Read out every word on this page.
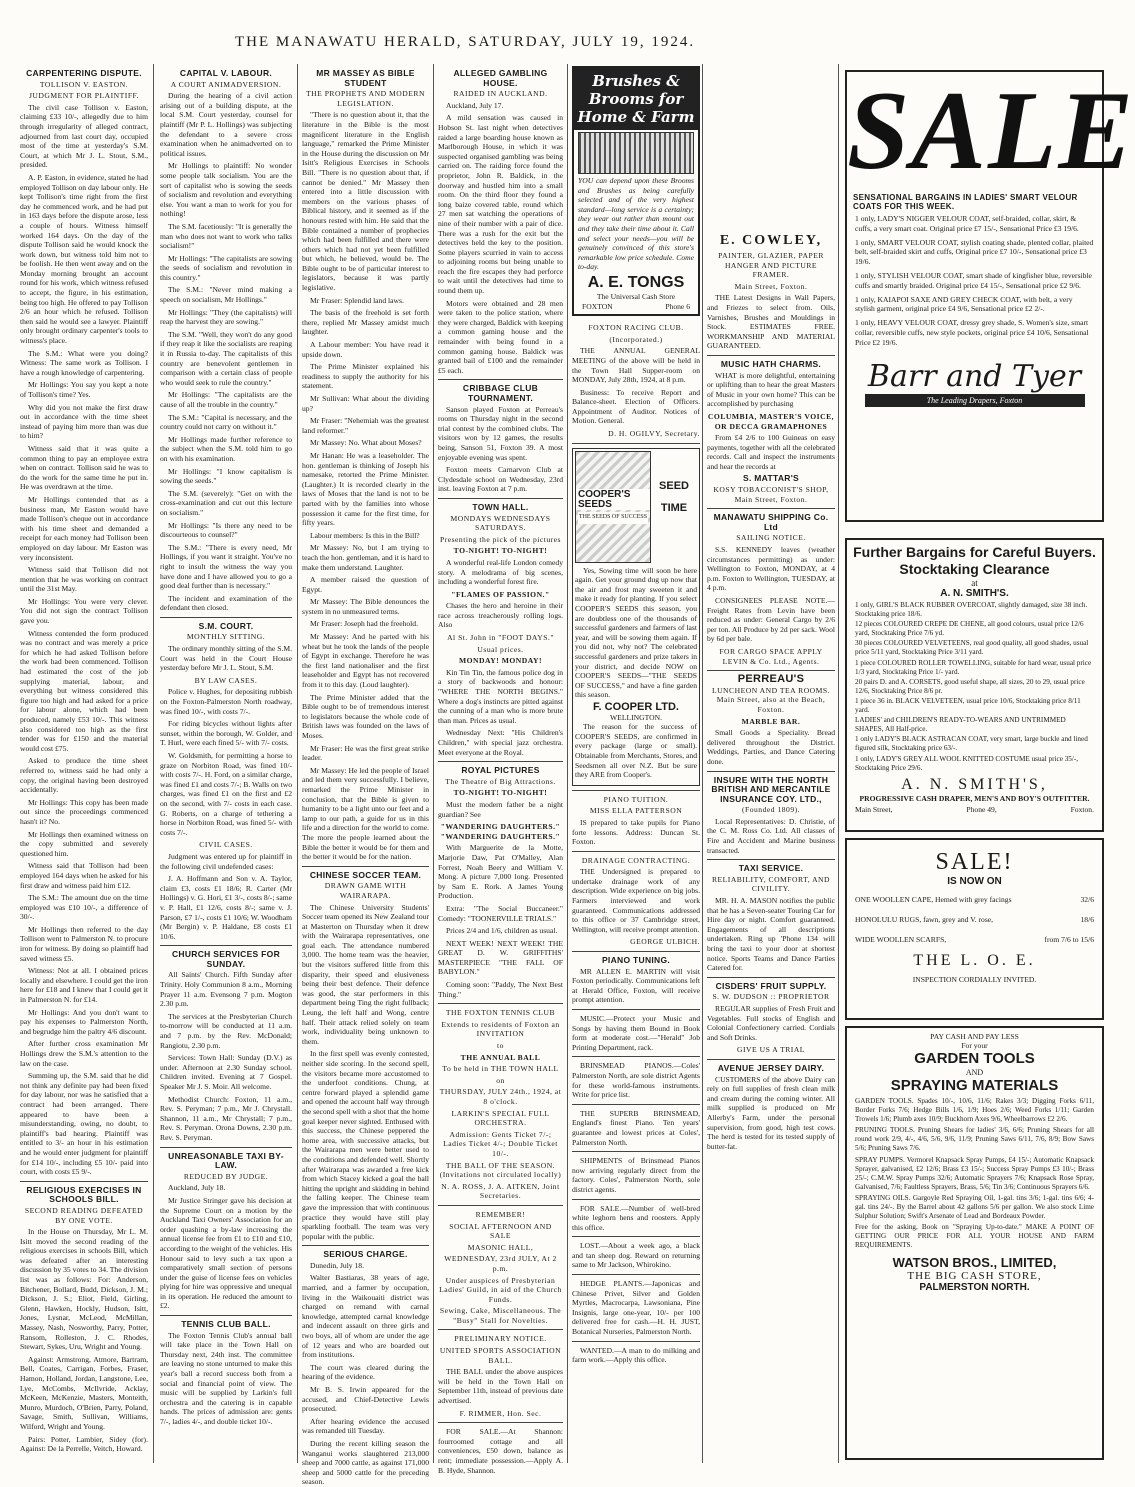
THE MANAWATU HERALD, SATURDAY, JULY 19, 1924.
CARPENTERING DISPUTE.
TOLLISON V. EASTON.
JUDGMENT FOR PLAINTIFF.

The civil case Tollison v. Easton, claiming £33 10/-, allegedly due to him through irregularity of alleged contract, adjourned from last court day, occupied most of the time at yesterday's S.M. Court, at which Mr J. L. Stout, S.M., presided.

A. P. Easton, in evidence, stated he had employed Tollison on day labour only. He kept Tollison's time right from the first day he commenced work, and he had put in 163 days before the dispute arose, less a couple of hours. Witness himself worked 164 days. On the day of the dispute Tollison said he would knock the work down, but witness told him not to be foolish. He then went away and on the Monday morning brought an account round for his work, which witness refused to accept, the figure, in his estimation, being too high. He offered to pay Tollison 2/6 an hour which he refused. Tollison then said he would see a lawyer. Plaintiff only brought ordinary carpenter's tools to witness's place.

The S.M.: What were you doing? Witness: The same work as Tollison. I have a rough knowledge of carpentering.

Mr Hollings: You say you kept a note of Tollison's time? Yes.

Why did you not make the first draw out in accordance with the time sheet instead of paying him more than was due to him?

Witness said that it was quite a common thing to pay an employee extra when on contract. Tollison said he was to do the work for the same time he put in. He was overdrawn at the time.

Mr Hollings contended that as a business man, Mr Easton would have made Tollison's cheque out in accordance with his time sheet and demanded a receipt for each money had Tollison been employed on day labour. Mr Easton was very inconsistent.

Witness said that Tollison did not mention that he was working on contract until the 31st May.

Mr Hollings: You were very clever. You did not sign the contract Tollison gave you.

Witness contended the form produced was no contract and was merely a price for which he had asked Tollison before the work had been commenced. Tollison had estimated the cost of the job supplying material, labour, and everything but witness considered this figure too high and had asked for a price for labour alone, which had been produced, namely £53 10/-. This witness also considered too high as the first tender was for £150 and the material would cost £75.

Asked to produce the time sheet referred to, witness said he had only a copy, the original having been destroyed accidentally.

Mr Hollings: This copy has been made out since the proceedings commenced hasn't it? No.

Mr Hollings then examined witness on the copy submitted and severely questioned him.

Witness said that Tollison had been employed 164 days when he asked for his first draw and witness paid him £12.

The S.M.: The amount due on the time employed was £10 10/-, a difference of 30/-.

Mr Hollings then referred to the day Tollison went to Palmerston N. to procure iron for witness. By doing so plaintiff had saved witness £5.

Witness: Not at all. I obtained prices locally and elsewhere. I could get the iron here for £18 and I knew that I could get it in Palmerston N. for £14.

Mr Hollings: And you don't want to pay his expenses to Palmerston North, and begrudge him the paltry 4/6 discount.

After further cross examination Mr Hollings drew the S.M.'s attention to the law on the case.

Summing up, the S.M. said that he did not think any definite pay had been fixed for day labour, nor was he satisfied that a contract had been arranged. There appeared to have been a misunderstanding, owing, no doubt, to plaintiff's bad hearing. Plaintiff was entitled to 3/- an hour in his estimation and he would enter judgment for plaintiff for £14 10/-, including £5 10/- paid into court, with costs £5 9/-.

RELIGIOUS EXERCISES IN SCHOOLS BILL.
SECOND READING DEFEATED BY ONE VOTE.

In the House on Thursday, Mr L. M. Isitt moved the second reading of the religious exercises in schools Bill, which was defeated after an interesting discussion by 35 votes to 34. The division list was as follows: For: Anderson, Bitchener, Bollard, Budd, Dickson, J. M.; Dickson, J. S.; Eliot, Field, Girling, Glenn, Hawken, Hockly, Hudson, Isitt, Jones, Lysnar, McLeod, McMillan, Massey, Nash, Nosworthy, Parry, Potter, Ransom, Rolleston, J. C. Rhodes, Stewart, Sykes, Uru, Wright and Young.

Against: Armstrong, Atmore, Bartram, Bell, Coates, Carrigan, Forbes, Fraser, Hamon, Holland, Jordan, Langstone, Lee, Lye, McCombs, McIlvride, Acklay, McKeen, McKenzie, Masters, Monteith, Munro, Murdoch, O'Brien, Parry, Poland, Savage, Smith, Sullivan, Williams, Wilford, Wright and Young.

Pairs: Potter, Lambier, Sidey (for). Against: De la Perrelle, Veitch, Howard.

CAPITAL V. LABOUR.
A COURT ANIMADVERSION.

During the hearing of a civil action arising out of a building dispute, at the local S.M. Court yesterday, counsel for plaintiff (Mr P. L. Hollings) was subjecting the defendant to a severe cross examination when he animadverted on to political issues.

Mr Hollings to plaintiff: No wonder some people talk socialism. You are the sort of capitalist who is sowing the seeds of socialism and revolution and everything else. You want a man to work for you for nothing!

The S.M. facetiously: "It is generally the man who does not want to work who talks socialism!"

Mr Hollings: "The capitalists are sowing the seeds of socialism and revolution in this country."

The S.M.: "Never mind making a speech on socialism, Mr Hollings."

Mr Hollings: "They (the capitalists) will reap the harvest they are sowing."

The S.M. "Well, they won't do any good if they reap it like the socialists are reaping it in Russia to-day. The capitalists of this country are benevolent gentlemen in comparison with a certain class of people who would seek to rule the country."

Mr Hollings: "The capitalists are the cause of all the trouble in the country."

The S.M.: "Capital is necessary, and the country could not carry on without it."

Mr Hollings made further reference to the subject when the S.M. told him to go on with his examination.

Mr Hollings: "I know capitalism is sowing the seeds."

The S.M. (severely): "Get on with the cross-examination and cut out this lecture on socialism."

Mr Hollings: "Is there any need to be discourteous to counsel?"

The S.M.: "There is every need, Mr Hollings, if you want it straight. You've no right to insult the witness the way you have done and I have allowed you to go a good deal further than is necessary."

The incident and examination of the defendant then closed.

S.M. COURT.
MONTHLY SITTING.

The ordinary monthly sitting of the S.M. Court was held in the Court House yesterday before Mr J. L. Stout, S.M.

BY LAW CASES.

Police v. Hughes, for depositing rubbish on the Foxton-Palmerston North roadway, was fined 10/-, with costs 7/-.

For riding bicycles without lights after sunset, within the borough, W. Golder, and T. Hurl, were each fined 5/- with 7/- costs.

W. Goldsmith, for permitting a horse to graze on Norbiton Road, was fined 10/- with costs 7/-. H. Ford, on a similar charge, was fined £1 and costs 7/-; B. Walls on two charges, was fined £1 on the first and £2 on the second, with 7/- costs in each case. G. Roberts, on a charge of tethering a horse in Norbiton Road, was fined 5/- with costs 7/-.

CIVIL CASES.

Judgment was entered up for plaintiff in the following civil undefended cases:

J. A. Hoffmann and Son v. A. Taylor, claim £3, costs £1 18/6; R. Carter (Mr Hollings) v. G. Hori, £1 3/-, costs 8/-; same v. P. Hall, £1 12/6, costs 8/-; same v. J. Parson, £7 1/-, costs £1 10/6; W. Woodham (Mr Bergin) v. P. Haldane, £8 costs £1 10/6.

CHURCH SERVICES FOR SUNDAY.

All Saints' Church. Fifth Sunday after Trinity. Holy Communion 8 a.m., Morning Prayer 11 a.m. Evensong 7 p.m. Mogton 2.30 p.m.

The services at the Presbyterian Church to-morrow will be conducted at 11 a.m. and 7 p.m. by the Rev. McDonald; Rangiotu, 2.30 p.m.

Services: Town Hall: Sunday (D.V.) as under. Afternoon at 2.30 Sunday school. Children invited. Evening at 7 Gospel. Speaker Mr J. S. Moir. All welcome.

Methodist Church: Foxton, 11 a.m., Rev. S. Peryman; 7 p.m., Mr J. Chrystall. Shannon, 11 a.m., Mr Chrystall; 7 p.m., Rev. S. Peryman. Orona Downs, 2.30 p.m. Rev. S. Peryman.

UNREASONABLE TAXI BY-LAW.
REDUCED BY JUDGE.

Auckland, July 18.

Mr Justice Stringer gave his decision at the Supreme Court on a motion by the Auckland Taxi Owners' Association for an order quashing a by-law increasing the annual license fee from £1 to £10 and £10, according to the weight of the vehicles. His Honour said to levy such a tax upon a comparatively small section of persons under the guise of license fees on vehicles plying for hire was oppressive and unequal in its operation. He reduced the amount to £2.

TENNIS CLUB BALL.

The Foxton Tennis Club's annual ball will take place in the Town Hall on Thursday next, 24th inst. The committee are leaving no stone unturned to make this year's ball a record success both from a social and financial point of view. The music will be supplied by Larkin's full orchestra and the catering is in capable hands. The prices of admission are: gents 7/-, ladies 4/-, and double ticket 10/-.

MR MASSEY AS BIBLE STUDENT
THE PROPHETS AND MODERN LEGISLATION.

"There is no question about it, that the literature in the Bible is the most magnificent literature in the English language," remarked the Prime Minister in the House during the discussion on Mr Isitt's Religious Exercises in Schools Bill. "There is no question about that, if cannot be denied." Mr Massey then entered into a little discussion with members on the various phases of Biblical history, and it seemed as if the honours rested with him. He said that the Bible contained a number of prophecies which had been fulfilled and there were others which had not yet been fulfilled but which, he believed, would be. The Bible ought to be of particular interest to legislators, because it was partly legislative.

Mr Fraser: Splendid land laws.

The basis of the freehold is set forth there, replied Mr Massey amidst much laughter.

A Labour member: You have read it upside down.

The Prime Minister explained his readiness to supply the authority for his statement.

Mr Sullivan: What about the dividing up?

Mr Fraser: "Nehemiah was the greatest land reformer."

Mr Massey: No. What about Moses?

Mr Hanan: He was a leaseholder. The hon. gentleman is thinking of Joseph his namesake, retorted the Prime Minister. (Laughter.) It is recorded clearly in the laws of Moses that the land is not to be parted with by the families into whose possession it came for the first time, for fifty years.

Labour members: Is this in the Bill?

Mr Massey: No, but I am trying to teach the hon. gentleman, and it is hard to make them understand. Laughter.

A member raised the question of Egypt.

Mr Massey: The Bible denounces the system in no unmeasured terms.

Mr Fraser: Joseph had the freehold.

Mr Massey: And he parted with his wheat but he took the lands of the people of Egypt in exchange. Therefore he was the first land nationaliser and the first leaseholder and Egypt has not recovered from it to this day. (Loud laughter).

The Prime Minister added that the Bible ought to be of tremendous interest to legislators because the whole code of British laws was founded on the laws of Moses.

Mr Fraser: He was the first great strike leader.

Mr Massey: He led the people of Israel and led them very successfully. I believe, remarked the Prime Minister in conclusion, that the Bible is given to humanity to be a light unto our feet and a lamp to our path, a guide for us in this life and a direction for the world to come. The more the people learned about the Bible the better it would be for them and the better it would be for the nation.

CHINESE SOCCER TEAM.
DRAWN GAME WITH WAIRARAPA.

The Chinese University Students' Soccer team opened its New Zealand tour at Masterton on Thursday when it drew with the Wairarapa representatives, one goal each. The attendance numbered 3,000. The home team was the heavier, but the visitors suffered little from this disparity, their speed and elusiveness being their best defence. Their defence was good, the star performers in this department being Ting the right fullback; Leung, the left half and Wong, centre half. Their attack relied solely on team work, individuality being unknown to them.

In the first spell was evenly contested, neither side scoring. In the second spell, the visitors became more accustomed to the underfoot conditions. Chung, at centre forward played a splendid game and opened the account half way through the second spell with a shot that the home goal keeper never sighted. Enthused with this success, the Chinese peppered the home area, with successive attacks, but the Wairarapa men were better used to the conditions and defended well. Shortly after Wairarapa was awarded a free kick from which Stacey kicked a goal the ball hitting the upright and skidding in behind the falling keeper. The Chinese team gave the impression that with continuous practice they would have still play sparkling football. The team was very popular with the public.

SERIOUS CHARGE.

Dunedin, July 18.

Walter Bastiaras, 38 years of age, married, and a farmer by occupation, living in the Waikouaiti district was charged on remand with carnal knowledge, attempted carnal knowledge and indecent assault on three girls and two boys, all of whom are under the age of 12 years and who are boarded out from institutions.

The court was cleared during the hearing of the evidence.

Mr B. S. Irwin appeared for the accused, and Chief-Detective Lewis prosecuted.

After hearing evidence the accused was remanded till Tuesday.

During the recent killing season the Wanganui works slaughtered 213,000 sheep and 7000 cattle, as against 171,000 sheep and 5000 cattle for the preceding season.

ALLEGED GAMBLING HOUSE.
RAIDED IN AUCKLAND.

Auckland, July 17.

A mild sensation was caused in Hobson St. last night when detectives raided a large boarding house known as Marlborough House, in which it was suspected organised gambling was being carried on. The raiding force found the proprietor, John R. Baldick, in the doorway and hustled him into a small room. On the third floor they found a long baize covered table, round which 27 men sat watching the operations of nine of their number with a pair of dice. There was a rush for the exit but the detectives held the key to the position. Some players scurried in vain to access to adjoining rooms but being unable to reach the fire escapes they had perforce to wait until the detectives had time to round them up.

Motors were obtained and 28 men were taken to the police station, where they were charged, Baldick with keeping a common gaming house and the remainder with being found in a common gaming house. Baldick was granted bail of £100 and the remainder £5 each.

CRIBBAGE CLUB TOURNAMENT.

Sanson played Foxton at Perreau's rooms on Thursday night in the second trial contest by the combined clubs. The visitors won by 12 games, the results being, Sanson 51, Foxton 39. A most enjoyable evening was spent.

Foxton meets Carnarvon Club at Clydesdale school on Wednesday, 23rd inst. leaving Foxton at 7 p.m.

TOWN HALL.
MONDAYS WEDNESDAYS SATURDAYS.
Presenting the pick of the pictures
TO-NIGHT! TO-NIGHT!

A wonderful real-life London comedy story. A melodrama of big scenes, including a wonderful forest fire.

"FLAMES OF PASSION."

Chases the hero and heroine in their race across treacherously rolling logs. Also

Al St. John in "FOOT DAYS."
Usual prices.
MONDAY! MONDAY!

Kin Tin Tin, the famous police dog in a story of backwoods and honour: "WHERE THE NORTH BEGINS." Where a dog's instincts are pitted against the cunning of a man who is more brute than man. Prices as usual.

Wednesday Next: "His Children's Children," with special jazz orchestra. Meet everyone at the Royal.

ROYAL PICTURES
The Theatre of Big Attractions.
TO-NIGHT! TO-NIGHT!

Must the modern father be a night guardian? See

"WANDERING DAUGHTERS." "WANDERING DAUGHTERS."

With Marguerite de la Motte, Marjorie Daw, Pat O'Malley, Alan Forrest, Noah Beery and William V. Mong. A picture 7,000 long. Presented by Sam E. Rork. A James Young Production.

Extra: "The Social Buccaneer." Comedy: "TOONERVILLE TRIALS."

Prices 2/4 and 1/6, children as usual.

NEXT WEEK! NEXT WEEK! THE GREAT D. W. GRIFFITHS' MASTERPIECE "THE FALL OF BABYLON."

Coming soon: "Paddy, The Next Best Thing."

THE FOXTON TENNIS CLUB
Extends to residents of Foxton an INVITATION
to
THE ANNUAL BALL
To be held in THE TOWN HALL
on
THURSDAY, JULY 24th., 1924, at 8 o'clock.
LARKIN'S SPECIAL FULL ORCHESTRA.
Admission: Gents Ticket 7/-; Ladies Ticket 4/-; Double Ticket 10/-.
THE BALL OF THE SEASON. (Invitations not circulated locally)
N. A. ROSS, J. A. AITKEN, Joint Secretaries.
REMEMBER!
SOCIAL AFTERNOON AND SALE
MASONIC HALL,
WEDNESDAY, 23rd JULY, At 2 p.m.
Under auspices of Presbyterian Ladies' Guild, in aid of the Church Funds.
Sewing, Cake, Miscellaneous. The "Busy" Stall for Novelties.
PRELIMINARY NOTICE.
UNITED SPORTS ASSOCIATION BALL.

THE BALL under the above auspices will be held in the Town Hall on September 11th, instead of previous date advertised.

F. RIMMER, Hon. Sec.

FOR SALE.—At Shannon: fourroomed cottage and all conveniences, £50 down, balance as rent; immediate possession.—Apply A. B. Hyde, Shannon.

Brushes & Brooms for Home & Farm

YOU can depend upon these Brooms and Brushes as being carefully selected and of the very highest standard—long service is a certainty; they wear out rather than mount out and they take their time about it. Call and select your needs—you will be genuinely convinced of this store's remarkable low price schedule. Come to-day.

A. E. TONGS
The Universal Cash Store
FOXTON	Phone 6
FOXTON RACING CLUB.
(Incorporated.)

THE ANNUAL GENERAL MEETING of the above will be held in the Town Hall Supper-room on MONDAY, July 28th, 1924, at 8 p.m.

Business: To receive Report and Balance-sheet. Election of Officers. Appointment of Auditor. Notices of Motion. General.

D. H. OGILVY, Secretary.
COOPER'S SEEDS
THE SEEDS OF SUCCESS
SEED TIME

Yes, Sowing time will soon be here again. Get your ground dug up now that the air and frost may sweeten it and make it ready for planting. If you select COOPER'S SEEDS this season, you are doubtless one of the thousands of successful gardeners and farmers of last year, and will be sowing them again. If you did not, why not? The celebrated successful gardeners and prize takers in your district, and decide NOW on COOPER'S SEEDS—"THE SEEDS OF SUCCESS," and have a fine garden this season.

F. COOPER LTD.
WELLINGTON.

The reason for the success of COOPER'S SEEDS, are confirmed in every package (large or small). Obtainable from Merchants, Stores, and Seedsmen all over N.Z. But be sure they ARE from Cooper's.

PIANO TUITION.
MISS ELLA PATTERSON

IS prepared to take pupils for Piano forte lessons. Address: Duncan St. Foxton.

DRAINAGE CONTRACTING.

THE Undersigned is prepared to undertake drainage work of any description. Wide experience on big jobs. Farmers interviewed and work guaranteed. Communications addressed to this office or 37 Cambridge street, Wellington, will receive prompt attention.

GEORGE ULBICH.
PIANO TUNING.

MR ALLEN E. MARTIN will visit Foxton periodically. Communications left at Herald Office, Foxton, will receive prompt attention.

MUSIC.—Protect your Music and Songs by having them Bound in Book form at moderate cost.—"Herald" Job Printing Department, rack.

BRINSMEAD PIANOS.—Coles' Palmerston North, are sole district Agents for these world-famous instruments. Write for price list.

THE SUPERB BRINSMEAD, England's finest Piano. Ten years' guarantee and lowest prices at Coles', Palmerston North.

SHIPMENTS of Brinsmead Pianos now arriving regularly direct from the factory. Coles', Palmerston North, sole district agents.

FOR SALE.—Number of well-bred white leghorn hens and roosters. Apply this office.

LOST.—About a week ago, a black and tan sheep dog. Reward on returning same to Mr Jackson, Whirokino.

HEDGE PLANTS.—Japonicas and Chinese Privet, Silver and Golden Myrtles, Macrocarpa, Lawsoniana, Pine Insignis, large one-year, 10/- per 100 delivered free for cash.—H. H. JUST, Botanical Nurseries, Palmerston North.

WANTED.—A man to do milking and farm work.—Apply this office.

E. COWLEY,
PAINTER, GLAZIER, PAPER HANGER AND PICTURE FRAMER.
Main Street, Foxton.

THE Latest Designs in Wall Papers, and Friezes to select from. Oils, Varnishes, Brushes and Mouldings in Stock. ESTIMATES FREE. WORKMANSHIP AND MATERIAL GUARANTEED.

MUSIC HATH CHARMS.

WHAT is more delightful, entertaining or uplifting than to hear the great Masters of Music in your own home? This can be accomplished by purchasing

COLUMBIA, MASTER'S VOICE, OR DECCA GRAMAPHONES

From £4 2/6 to 100 Guineas on easy payments, together with all the celebrated records. Call and inspect the instruments and hear the records at

S. MATTAR'S
KOSY TOBACCONIST'S SHOP, Main Street, Foxton.
MANAWATU SHIPPING Co. Ltd
SAILING NOTICE.

S.S. KENNEDY leaves (weather circumstances permitting) as under: Wellington to Foxton, MONDAY, at 4 p.m. Foxton to Wellington, TUESDAY, at 4 p.m.

CONSIGNEES PLEASE NOTE.—Freight Rates from Levin have been reduced as under: General Cargo by 2/6 per ton. All Produce by 2d per sack. Wool by 6d per bale.

FOR CARGO SPACE APPLY LEVIN & Co. Ltd., Agents.
PERREAU'S
LUNCHEON AND TEA ROOMS. Main Street, also at the Beach, Foxton.
MARBLE BAR.

Small Goods a Speciality. Bread delivered throughout the District. Weddings, Parties, and Dance Catering done.

INSURE WITH THE NORTH BRITISH AND MERCANTILE INSURANCE COY. LTD.,
(Founded 1809).

Local Representatives: D. Christie, of the C. M. Ross Co. Ltd. All classes of Fire and Accident and Marine business transacted.

TAXI SERVICE.
RELIABILITY, COMFORT, AND CIVILITY.

MR. H. A. MASON notifies the public that he has a Seven-seater Touring Car for Hire day or night. Comfort guaranteed. Engagements of all descriptions undertaken. Ring up 'Phone 134 will bring the taxi to your door at shortest notice. Sports Teams and Dance Parties Catered for.

CISDERS' FRUIT SUPPLY.
S. W. DUDSON :: PROPRIETOR

REGULAR supplies of Fresh Fruit and Vegetables. Full stocks of English and Colonial Confectionery carried. Cordials and Soft Drinks.

GIVE US A TRIAL
AVENUE JERSEY DAIRY.

CUSTOMERS of the above Dairy can rely on full supplies of fresh clean milk and cream during the coming winter. All milk supplied is produced on Mr Allerby's Farm, under the personal supervision, from good, high test cows. The herd is tested for its tested supply of butter-fat.

SALE
SENSATIONAL BARGAINS IN LADIES' SMART VELOUR COATS FOR THIS WEEK.

1 only, LADY'S NIGGER VELOUR COAT, self-braided, collar, skirt, & cuffs, a very smart coat. Original price £7 15/-, Sensational Price £3 19/6.

1 only, SMART VELOUR COAT, stylish coating shade, plented collar, plaited belt, self-braided skirt and cuffs, Original price £7 10/-, Sensational price £3 19/6.

1 only, STYLISH VELOUR COAT, smart shade of kingfisher blue, reversible cuffs and smartly braided. Original price £4 15/-, Sensational price £2 9/6.

1 only, KAIAPOI SAXE AND GREY CHECK COAT, with belt, a very stylish garment, original price £4 9/6, Sensational price £2 2/-.

1 only, HEAVY VELOUR COAT, dressy grey shade, S. Women's size, smart collar, reversible cuffs, new style pockets, original price £4 10/6, Sensational Price £2 19/6.

Barr and Tyer
The Leading Drapers, Foxton
Further Bargains for Careful Buyers. Stocktaking Clearance
at
A. N. SMITH'S.

1 only, GIRL'S BLACK RUBBER OVERCOAT, slightly damaged, size 38 inch. Stocktaking price 18/6.

12 pieces COLOURED CREPE DE CHENE, all good colours, usual price 12/6 yard, Stocktaking Price 7/6 yd.

30 pieces COLOURED VELVETEENS, real good quality, all good shades, usual price 5/11 yard, Stocktaking Price 3/11 yard.

1 piece COLOURED ROLLER TOWELLING, suitable for hard wear, usual price 1/3 yard, Stocktaking Price 1/- yard.

20 pairs D. and A. CORSETS, good useful shape, all sizes, 20 to 29, usual price 12/6, Stocktaking Price 8/6 pr.

1 piece 36 in. BLACK VELVETEEN, usual price 10/6, Stocktaking price 8/11 yard.

LADIES' and CHILDREN'S READY-TO-WEARS AND UNTRIMMED SHAPES, All Half-price.

1 only LADY'S BLACK ASTRACAN COAT, very smart, large buckle and lined figured silk, Stocktaking price 63/-.

1 only, LADY'S GREY ALL WOOL KNITTED COSTUME usual price 35/-, Stocktaking Price 29/6.

A. N. SMITH'S,
PROGRESSIVE CASH DRAPER, MEN'S AND BOY'S OUTFITTER.
Main Street,	Phone 49,	Foxton.
SALE!
IS NOW ON
ONE WOOLLEN CAPE, Hemed with grey facings	32/6
HONOLULU RUGS, fawn, grey and V. rose,	18/6
WIDE WOOLLEN SCARFS,	from 7/6 to 15/6
THE L. O. E.
INSPECTION CORDIALLY INVITED.
PAY CASH AND PAY LESS
For your
GARDEN TOOLS
AND
SPRAYING MATERIALS

GARDEN TOOLS. Spades 10/-, 10/6, 11/6; Rakes 3/3; Digging Forks 6/11, Border Forks 7/6; Hedge Bills 1/6, 1/9; Hoes 2/6; Weed Forks 1/11; Garden Trowels 1/6; Plumb axes 10/9; Buckhorn Axes 9/6, Wheelbarrows £2 2/6.

PRUNING TOOLS. Pruning Shears for ladies' 3/6, 6/6; Pruning Shears for all round work 2/9, 4/-, 4/6, 5/6, 9/6, 11/9; Pruning Saws 6/11, 7/6, 8/9; Bow Saws 5/6; Pruning Saws 7/6.

SPRAY PUMPS. Vermorel Knapsack Spray Pumps, £4 15/-; Automatic Knapsack Sprayer, galvanised, £2 12/6; Brass £3 15/-; Success Spray Pumps £3 10/-; Brass 25/-; C.M.W. Spray Pumps 32/6; Automatic Sprayers 7/6; Knapsack Rose Spray, Galvanised, 7/6; Faultless Sprayers, Brass, 5/6; Tin 3/6; Continuous Sprayers 6/6.

SPRAYING OILS. Gargoyle Red Spraying Oil, 1-gal. tins 3/6; 1-gal. tins 6/6; 4-gal. tins 24/-. By the Barrel about 42 gallons 5/6 per gallon. We also stock Lime Sulphur Solution; Swift's Arsenate of Lead and Bordeaux Powder.

Free for the asking, Book on "Spraying Up-to-date." MAKE A POINT OF GETTING OUR PRICE FOR ALL YOUR HOUSE AND FARM REQUIREMENTS.

WATSON BROS., LIMITED,
THE BIG CASH STORE,
PALMERSTON NORTH.
